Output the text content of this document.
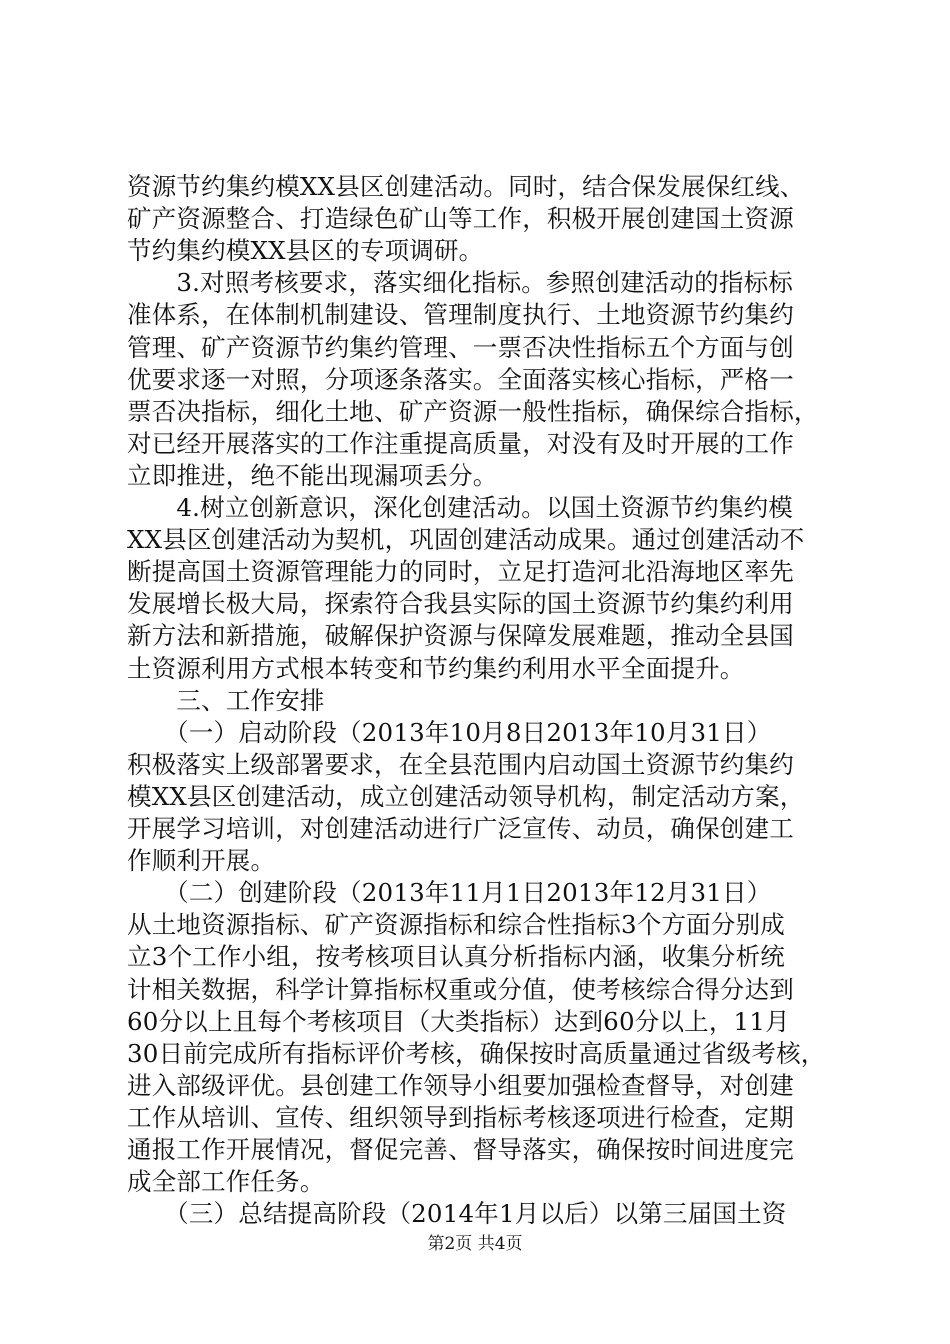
资源节约集约模XX县区创建活动。同时，结合保发展保红线、
矿产资源整合、打造绿色矿山等工作，积极开展创建国土资源
节约集约模XX县区的专项调研。
　　3.对照考核要求，落实细化指标。参照创建活动的指标标
准体系，在体制机制建设、管理制度执行、土地资源节约集约
管理、矿产资源节约集约管理、一票否决性指标五个方面与创
优要求逐一对照，分项逐条落实。全面落实核心指标，严格一
票否决指标，细化土地、矿产资源一般性指标，确保综合指标，
对已经开展落实的工作注重提高质量，对没有及时开展的工作
立即推进，绝不能出现漏项丢分。
　　4.树立创新意识，深化创建活动。以国土资源节约集约模
XX县区创建活动为契机，巩固创建活动成果。通过创建活动不
断提高国土资源管理能力的同时，立足打造河北沿海地区率先
发展增长极大局，探索符合我县实际的国土资源节约集约利用
新方法和新措施，破解保护资源与保障发展难题，推动全县国
土资源利用方式根本转变和节约集约利用水平全面提升。
　　三、工作安排
　　（一）启动阶段（2013年10月8日2013年10月31日）
积极落实上级部署要求，在全县范围内启动国土资源节约集约
模XX县区创建活动，成立创建活动领导机构，制定活动方案，
开展学习培训，对创建活动进行广泛宣传、动员，确保创建工
作顺利开展。
　　（二）创建阶段（2013年11月1日2013年12月31日）
从土地资源指标、矿产资源指标和综合性指标3个方面分别成
立3个工作小组，按考核项目认真分析指标内涵，收集分析统
计相关数据，科学计算指标权重或分值，使考核综合得分达到
60分以上且每个考核项目（大类指标）达到60分以上，11月
30日前完成所有指标评价考核，确保按时高质量通过省级考核，
进入部级评优。县创建工作领导小组要加强检查督导，对创建
工作从培训、宣传、组织领导到指标考核逐项进行检查，定期
通报工作开展情况，督促完善、督导落实，确保按时间进度完
成全部工作任务。
　　（三）总结提高阶段（2014年1月以后）以第三届国土资
第2页 共4页
